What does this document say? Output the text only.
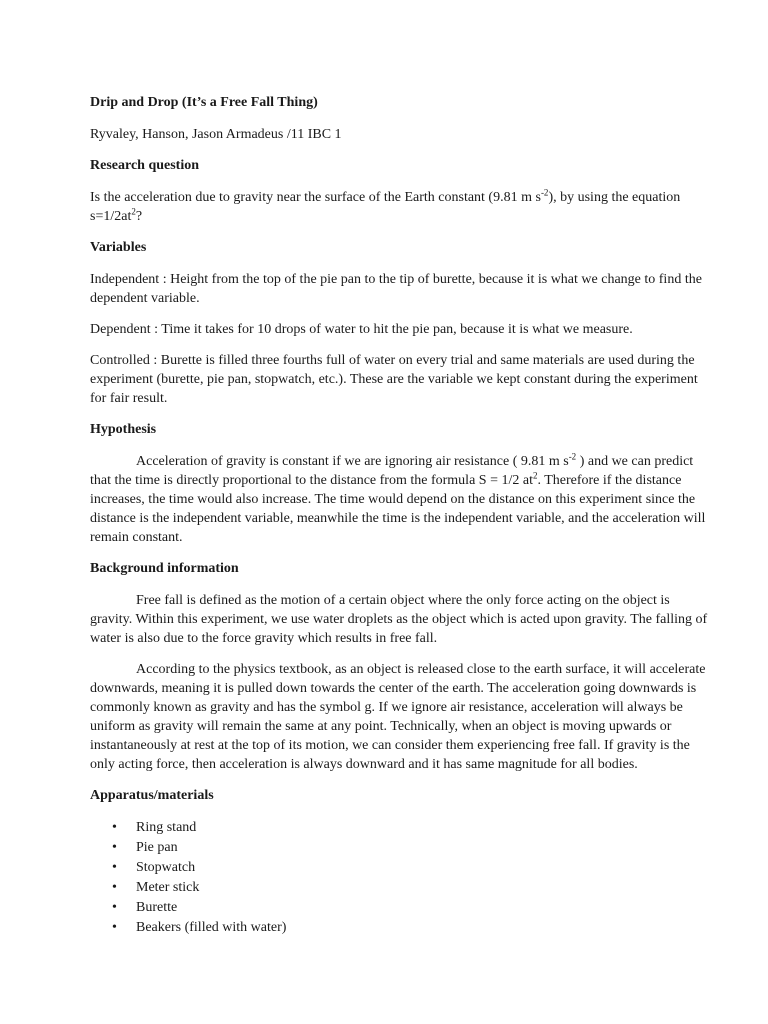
Drip and Drop (It’s a Free Fall Thing)
Ryvaley, Hanson, Jason Armadeus /11 IBC 1
Research question
Is the acceleration due to gravity near the surface of the Earth constant (9.81 m $s^{-2}$), by using the equation $s=1/2at^2$?
Variables
Independent : Height from the top of the pie pan to the tip of burette, because it is what we change to find the dependent variable.
Dependent : Time it takes for 10 drops of water to hit the pie pan, because it is what we measure.
Controlled : Burette is filled three fourths full of water on every trial and same materials are used during the experiment (burette, pie pan, stopwatch, etc.). These are the variable we kept constant during the experiment for fair result.
Hypothesis
Acceleration of gravity is constant if we are ignoring air resistance ( 9.81 m $s^{-2}$ ) and we can predict that the time is directly proportional to the distance from the formula S = 1/2 $at^2$. Therefore if the distance increases, the time would also increase. The time would depend on the distance on this experiment since the distance is the independent variable, meanwhile the time is the independent variable, and the acceleration will remain constant.
Background information
Free fall is defined as the motion of a certain object where the only force acting on the object is gravity. Within this experiment, we use water droplets as the object which is acted upon gravity. The falling of water is also due to the force gravity which results in free fall.
According to the physics textbook, as an object is released close to the earth surface, it will accelerate downwards, meaning it is pulled down towards the center of the earth. The acceleration going downwards is commonly known as gravity and has the symbol g. If we ignore air resistance, acceleration will always be uniform as gravity will remain the same at any point. Technically, when an object is moving upwards or instantaneously at rest at the top of its motion, we can consider them experiencing free fall. If gravity is the only acting force, then acceleration is always downward and it has same magnitude for all bodies.
Apparatus/materials
• Ring stand
• Pie pan
• Stopwatch
• Meter stick
• Burette
• Beakers (filled with water)
